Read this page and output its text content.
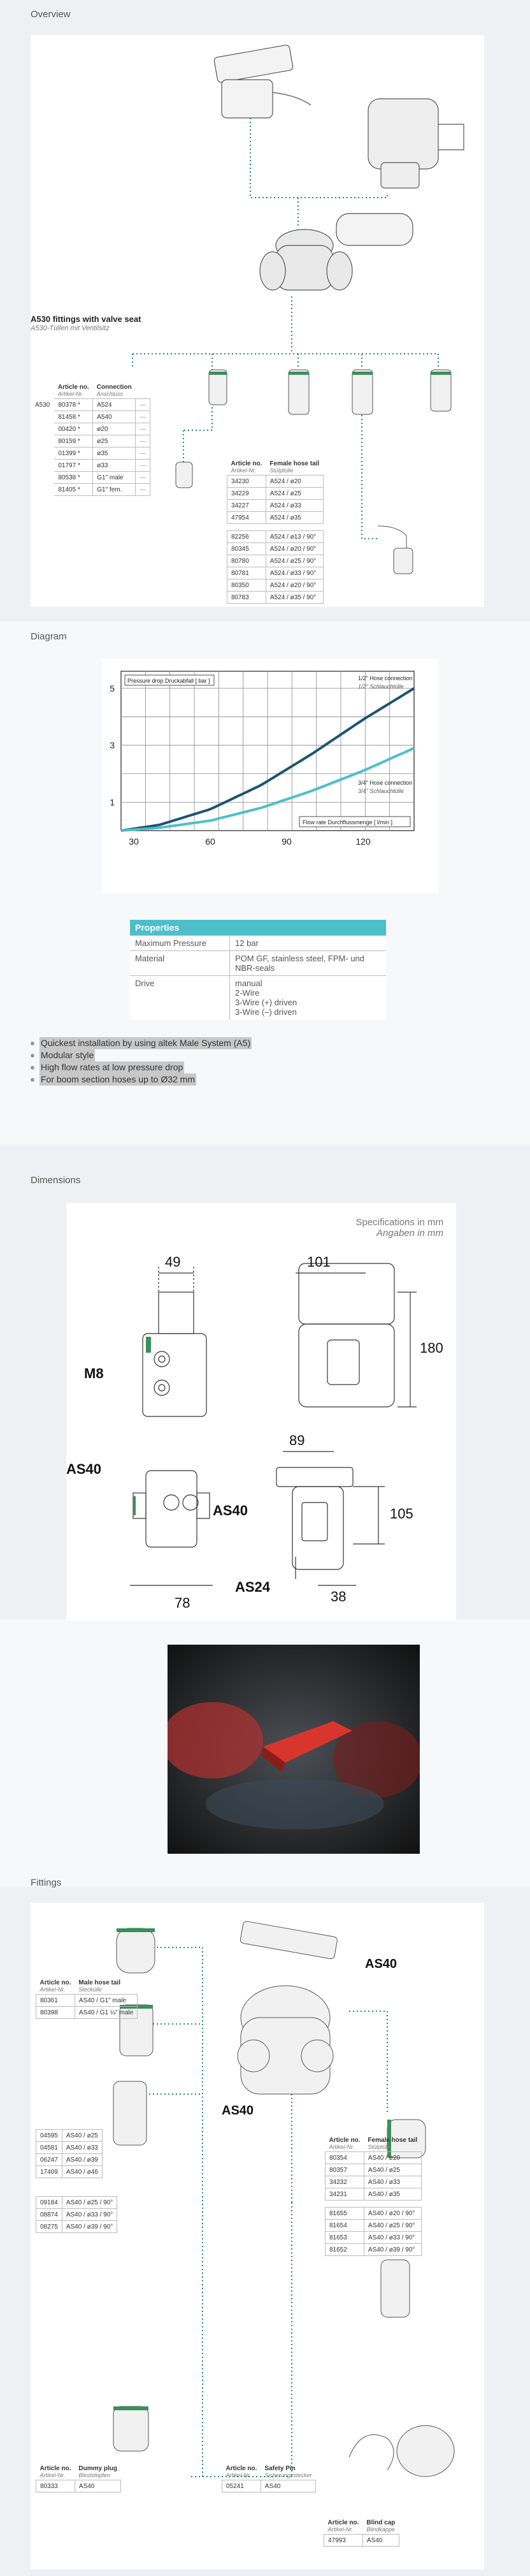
Overview
A530 fittings with valve seat
A530-Tüllen mit Ventilsitz
	Article no.
Artikel-Nr.	Connection
Anschluss	

A530	80378 *	A524	—
	81458 *	A540	—
	00420 *	ø20	—
	80159 *	ø25	—
	01399 *	ø35	—
	01797 *	ø33	—
	80538 *	G1" male	—
	81405 *	G1" fem.	—
Article no.
Artikel-Nr.	Female hose tail
Stülptülle

34230	A524 / ø20
34229	A524 / ø25
34227	A524 / ø33
47954	A524 / ø35

82256	A524 / ø13 / 90°
80345	A524 / ø20 / 90°
80780	A524 / ø25 / 90°
80781	A524 / ø33 / 90°
80350	A524 / ø20 / 90°
80783	A524 / ø35 / 90°
Diagram
30	60	90	120
1
3
5
Pressure drop Druckabfall [ bar ]
Flow rate Durchflussmenge [ l/min ]
1/2" Hose connection
1/2" Schlauchtülle
3/4" Hose connection
3/4" Schlauchtülle
Properties
Maximum Pressure	12 bar
Material	POM GF, stainless steel, FPM- und NBR-seals
Drive	manual
2-Wire
3-Wire (+) driven
3-Wire (–) driven
Quickest installation by using altek Male System (A5)
Modular style
High flow rates at low pressure drop
For boom section hoses up to Ø32 mm
Dimensions
Specifications in mm
Angaben in mm
49	101
180
M8
AS40
AS40
89
105
AS24
38
78
Fittings
AS40
AS40
Article no.
Artikel-Nr.	Male hose tail
Steckülle

80361	AS40 / G1" male
80398	AS40 / G1 ¼" male
04595	AS40 / ø25
04581	AS40 / ø33
06247	AS40 / ø39
17409	AS40 / ø46
09184	AS40 / ø25 / 90°
08874	AS40 / ø33 / 90°
08275	AS40 / ø39 / 90°
Article no.
Artikel-Nr.	Female hose tail
Stülptülle

80354	AS40 / ø20
80357	AS40 / ø25
34232	AS40 / ø33
34231	AS40 / ø35

81655	AS40 / ø20 / 90°
81654	AS40 / ø25 / 90°
81653	AS40 / ø33 / 90°
81652	AS40 / ø39 / 90°
Article no.
Artikel-Nr.	Dummy plug
Blindstopfen

80333	AS40
Article no.
Artikel-Nr.	Safety Pin
Sicherungsstecker

05241	AS40
Article no.
Artikel-Nr.	Blind cap
Blindkappe

47993	AS40
